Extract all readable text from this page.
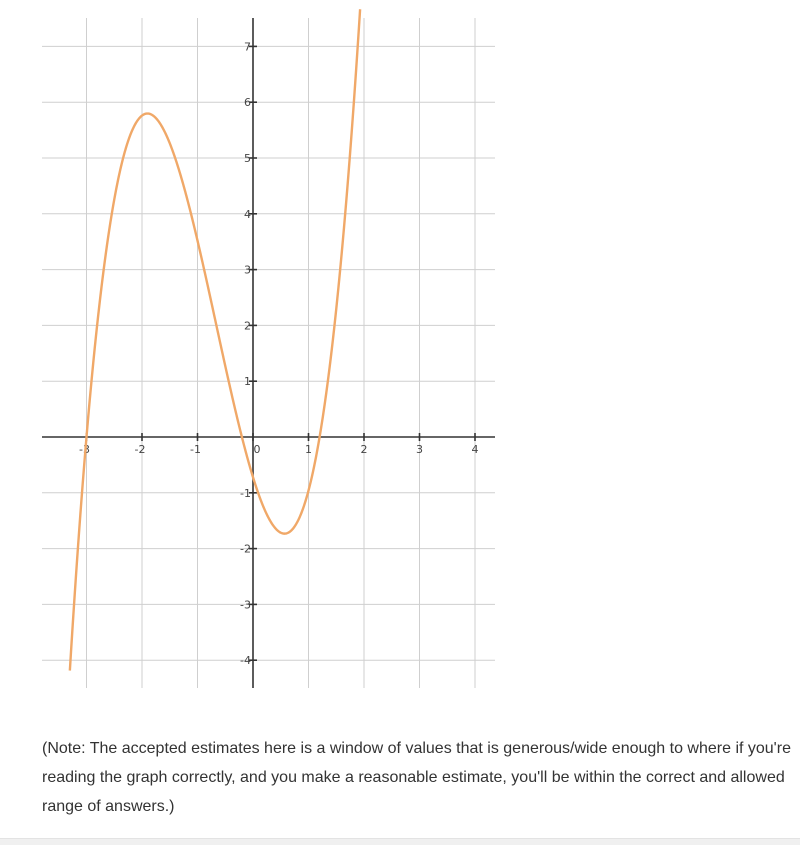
-3	-2	-1	0	1	2	3	4
-4
-3
-2
-1
1
2
3
4
5
6
7

(Note: The accepted estimates here is a window of values that is generous/wide enough to where if you're reading the graph correctly, and you make a reasonable estimate, you'll be within the correct and allowed range of answers.)
